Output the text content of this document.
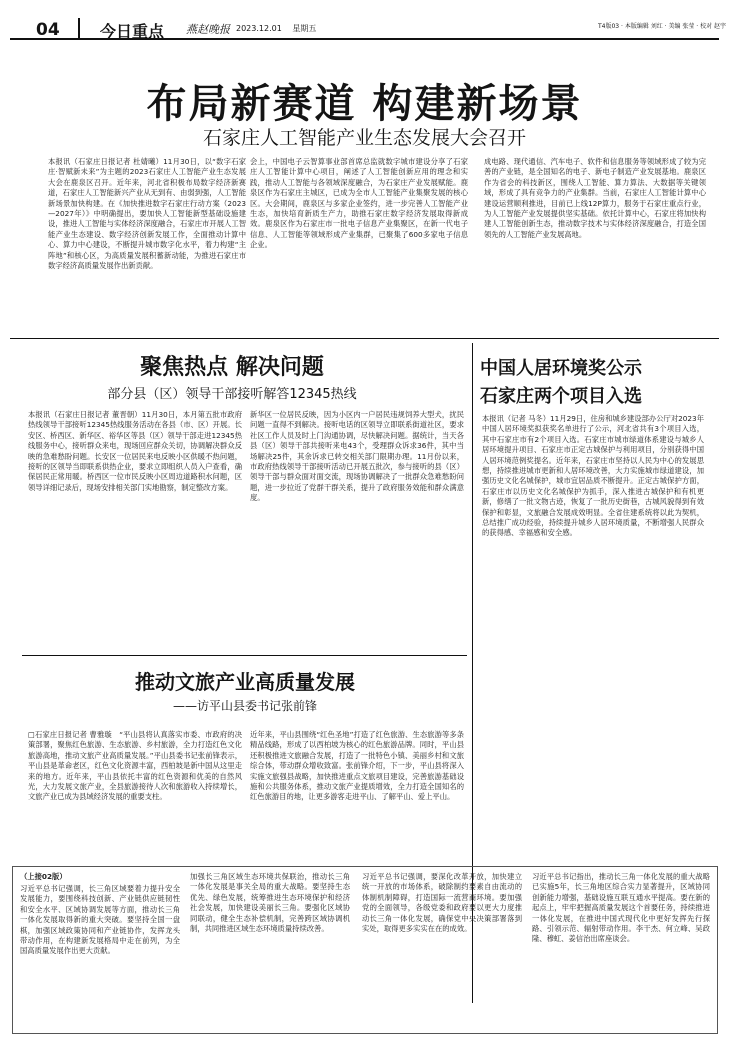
04	今日重点 燕赵晚报 2023.12.01 星期五	T4版03 · 本版编辑 刘红 · 美编 张莹 · 校对 赵宇
布局新赛道 构建新场景
石家庄人工智能产业生态发展大会召开
本报讯（石家庄日报记者 杜婧曦）11月30日，以“数字石家庄·智赋新未来”为主题的2023石家庄人工智能产业生态发展大会在鹿泉区召开。近年来，河北省积极布局数字经济新赛道，石家庄人工智能新兴产业从无到有、由弱到强，人工智能新场景加快构建。在《加快推进数字石家庄行动方案（2023—2027年）》中明确提出，要加快人工智能新型基础设施建设，推进人工智能与实体经济深度融合，石家庄市开展人工智能产业生态建设、数字经济创新发展工作，全面推动计算中心、算力中心建设，不断提升城市数字化水平，着力构建“主阵地”和核心区，为高质量发展积蓄新动能，为推进石家庄市数字经济高质量发展作出新贡献。
会上，中国电子云智算事业部首席总监就数字城市建设分享了石家庄人工智能计算中心项目，阐述了人工智能创新应用的理念和实践，推动人工智能与各领域深度融合，为石家庄产业发展赋能。鹿泉区作为石家庄主城区，已成为全市人工智能产业集聚发展的核心区。大会期间，鹿泉区与多家企业签约，进一步完善人工智能产业生态，加快培育新质生产力，助推石家庄数字经济发展取得新成效。鹿泉区作为石家庄市一批电子信息产业集聚区，在新一代电子信息、人工智能等领域形成产业集群，已聚集了600多家电子信息企业。
成电路、现代通信、汽车电子、软件和信息服务等领域形成了较为完善的产业链，是全国知名的电子、新电子制造产业发展基地。鹿泉区作为省会的科技新区，围绕人工智能、算力算法、大数据等关键领域，形成了具有竞争力的产业集群。当前，石家庄人工智能计算中心建设运营顺利推进，目前已上线12P算力，服务于石家庄重点行业，为人工智能产业发展提供坚实基础。依托计算中心，石家庄将加快构建人工智能创新生态，推动数字技术与实体经济深度融合，打造全国领先的人工智能产业发展高地。
聚焦热点 解决问题
部分县（区）领导干部接听解答12345热线
本报讯（石家庄日报记者 董晋朝）11月30日，本月第五批市政府热线领导干部接听12345热线服务活动在各县（市、区）开展。长安区、桥西区、新华区、裕华区等县（区）领导干部走进12345热线服务中心，接听群众来电，现场回应群众关切，协调解决群众反映的急难愁盼问题。长安区一位居民来电反映小区供暖不热问题，接听的区领导当即联系供热企业，要求立即组织人员入户查看，确保居民正常用暖。桥西区一位市民反映小区周边道路积水问题，区领导详细记录后，现场安排相关部门实地勘察，制定整改方案。
新华区一位居民反映，因为小区内一户居民违规饲养大型犬，扰民问题一直得不到解决。接听电话的区领导立即联系街道社区，要求社区工作人员及时上门沟通协调，尽快解决问题。据统计，当天各县（区）领导干部共接听来电43个，受理群众诉求36件，其中当场解决25件，其余诉求已转交相关部门限期办理。11月份以来，市政府热线领导干部接听活动已开展五批次，参与接听的县（区）领导干部与群众面对面交流，现场协调解决了一批群众急难愁盼问题，进一步拉近了党群干群关系，提升了政府服务效能和群众满意度。
中国人居环境奖公示
石家庄两个项目入选
本报讯（记者 马冬）11月29日，住房和城乡建设部办公厅对2023年中国人居环境奖拟获奖名单进行了公示，河北省共有3个项目入选，其中石家庄市有2个项目入选。石家庄市城市绿道体系建设与城乡人居环境提升项目、石家庄市正定古城保护与利用项目，分别获得中国人居环境范例奖提名。近年来，石家庄市坚持以人民为中心的发展思想，持续推进城市更新和人居环境改善，大力实施城市绿道建设，加强历史文化名城保护，城市宜居品质不断提升。正定古城保护方面，石家庄市以历史文化名城保护为抓手，深入推进古城保护和有机更新，修缮了一批文物古迹，恢复了一批历史街巷，古城风貌得到有效保护和彰显，文旅融合发展成效明显。全省住建系统将以此为契机，总结推广成功经验，持续提升城乡人居环境质量，不断增强人民群众的获得感、幸福感和安全感。
推动文旅产业高质量发展
——访平山县委书记张前锋
□石家庄日报记者 曹雅璇　“平山县将认真落实市委、市政府的决策部署，聚焦红色旅游、生态旅游、乡村旅游，全力打造红色文化旅游高地，推动文旅产业高质量发展。”平山县委书记张前锋表示，平山县是革命老区，红色文化资源丰富，西柏坡是新中国从这里走来的地方。近年来，平山县依托丰富的红色资源和优美的自然风光，大力发展文旅产业，全县旅游接待人次和旅游收入持续增长，文旅产业已成为县域经济发展的重要支柱。
近年来，平山县围绕“红色圣地”打造了红色旅游、生态旅游等多条精品线路，形成了以西柏坡为核心的红色旅游品牌。同时，平山县还积极推进文旅融合发展，打造了一批特色小镇、美丽乡村和文旅综合体，带动群众增收致富。张前锋介绍，下一步，平山县将深入实施文旅强县战略，加快推进重点文旅项目建设，完善旅游基础设施和公共服务体系，推动文旅产业提质增效，全力打造全国知名的红色旅游目的地，让更多游客走进平山、了解平山、爱上平山。
（上接02版）
习近平总书记强调，长三角区域要着力提升安全发展能力，要围绕科技创新、产业链供应链韧性和安全水平、区域协调发展等方面，推动长三角一体化发展取得新的重大突破。要坚持全国一盘棋，加强区域政策协同和产业链协作，发挥龙头带动作用，在构建新发展格局中走在前列，为全国高质量发展作出更大贡献。
加强长三角区域生态环境共保联治，推动长三角一体化发展是事关全局的重大战略。要坚持生态优先、绿色发展，统筹推进生态环境保护和经济社会发展，加快建设美丽长三角。要强化区域协同联动，健全生态补偿机制，完善跨区域协调机制，共同推进区域生态环境质量持续改善。
习近平总书记强调，要深化改革开放，加快建立统一开放的市场体系，破除制约要素自由流动的体制机制障碍，打造国际一流营商环境。要加强党的全面领导，各级党委和政府要以更大力度推动长三角一体化发展，确保党中央决策部署落到实处，取得更多实实在在的成效。
习近平总书记指出，推动长三角一体化发展的重大战略已实施5年，长三角地区综合实力显著提升，区域协同创新能力增强，基础设施互联互通水平提高。要在新的起点上，牢牢把握高质量发展这个首要任务，持续推进一体化发展，在推进中国式现代化中更好发挥先行探路、引领示范、辐射带动作用。李干杰、何立峰、吴政隆、穆虹、姜信治出席座谈会。
